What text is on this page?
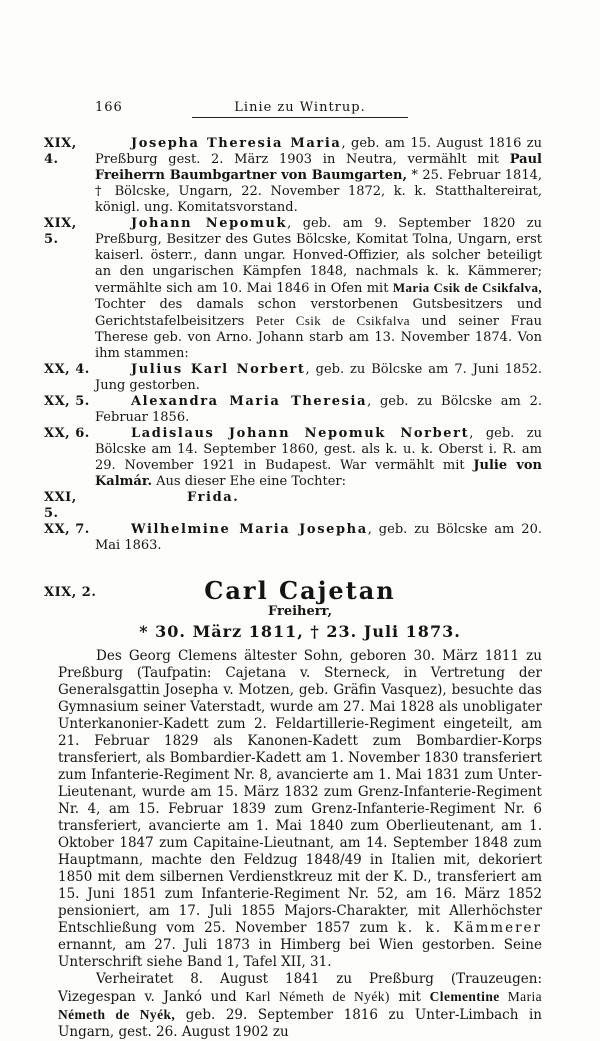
166	Linie zu Wintrup.
XIX, 4.
Josepha Theresia Maria, geb. am 15. August 1816 zu Preßburg gest. 2. März 1903 in Neutra, vermählt mit Paul Freiherrn Baumbgartner von Baumgarten, * 25. Februar 1814, † Bölcske, Ungarn, 22. November 1872, k. k. Statthaltereirat, königl. ung. Komitatsvorstand.
XIX, 5.
Johann Nepomuk, geb. am 9. September 1820 zu Preßburg, Besitzer des Gutes Bölcske, Komitat Tolna, Ungarn, erst kaiserl. österr., dann ungar. Honved-Offizier, als solcher beteiligt an den ungarischen Kämpfen 1848, nachmals k. k. Kämmerer; vermählte sich am 10. Mai 1846 in Ofen mit Maria Csik de Csikfalva, Tochter des damals schon verstorbenen Gutsbesitzers und Gerichtstafelbeisitzers Peter Csik de Csikfalva und seiner Frau Therese geb. von Arno. Johann starb am 13. November 1874. Von ihm stammen:
XX, 4.	Julius Karl Norbert, geb. zu Bölcske am 7. Juni 1852. Jung gestorben.
XX, 5.	Alexandra Maria Theresia, geb. zu Bölcske am 2. Februar 1856.
XX, 6.	Ladislaus Johann Nepomuk Norbert, geb. zu Bölcske am 14. September 1860, gest. als k. u. k. Oberst i. R. am 29. November 1921 in Budapest. War vermählt mit Julie von Kalmár. Aus dieser Ehe eine Tochter:
XXI, 5.
Frida.
XX, 7.	Wilhelmine Maria Josepha, geb. zu Bölcske am 20. Mai 1863.
XIX, 2.	Carl Cajetan
Freiherr,
* 30. März 1811, † 23. Juli 1873.

Des Georg Clemens ältester Sohn, geboren 30. März 1811 zu Preßburg (Taufpatin: Cajetana v. Sterneck, in Vertretung der Generalsgattin Josepha v. Motzen, geb. Gräfin Vasquez), besuchte das Gymnasium seiner Vaterstadt, wurde am 27. Mai 1828 als unobligater Unterkanonier-Kadett zum 2. Feldartillerie-Regiment eingeteilt, am 21. Februar 1829 als Kanonen-Kadett zum Bombardier-Korps transferiert, als Bombardier-Kadett am 1. November 1830 transferiert zum Infanterie-Regiment Nr. 8, avancierte am 1. Mai 1831 zum Unter-Lieutenant, wurde am 15. März 1832 zum Grenz-Infanterie-Regiment Nr. 4, am 15. Februar 1839 zum Grenz-Infanterie-Regiment Nr. 6 transferiert, avancierte am 1. Mai 1840 zum Oberlieutenant, am 1. Oktober 1847 zum Capitaine-Lieutnant, am 14. September 1848 zum Hauptmann, machte den Feldzug 1848/49 in Italien mit, dekoriert 1850 mit dem silbernen Verdienstkreuz mit der K. D., transferiert am 15. Juni 1851 zum Infanterie-Regiment Nr. 52, am 16. März 1852 pensioniert, am 17. Juli 1855 Majors-Charakter, mit Allerhöchster Entschließung vom 25. November 1857 zum k. k. Kämmerer ernannt, am 27. Juli 1873 in Himberg bei Wien gestorben. Seine Unterschrift siehe Band 1, Tafel XII, 31.

Verheiratet 8. August 1841 zu Preßburg (Trauzeugen: Vizegespan v. Jankó und Karl Németh de Nyék) mit Clementine Maria Németh de Nyék, geb. 29. September 1816 zu Unter-Limbach in Ungarn, gest. 26. August 1902 zu
